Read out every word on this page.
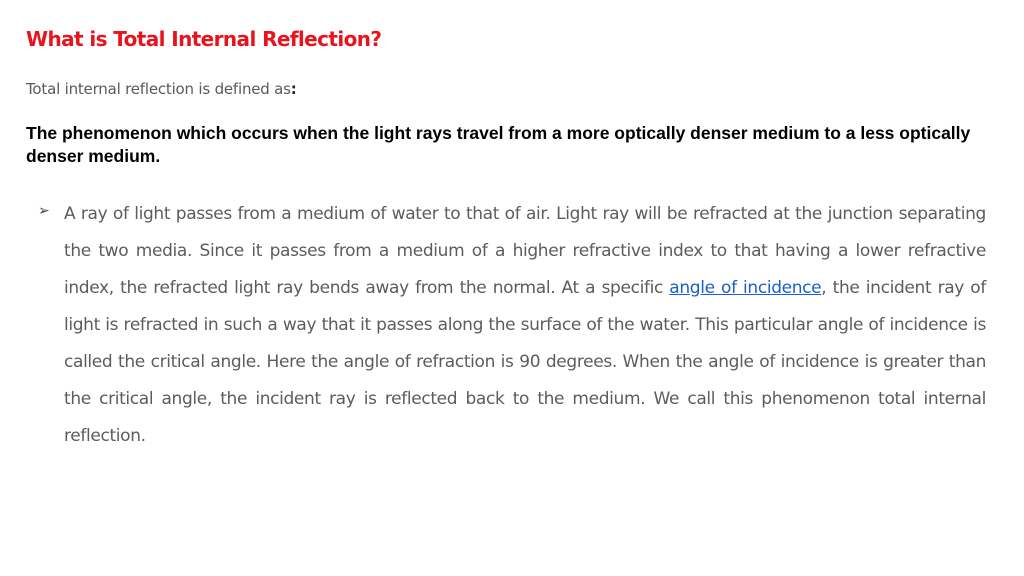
What is Total Internal Reflection?

Total internal reflection is defined as:

The phenomenon which occurs when the light rays travel from a more optically denser medium to a less optically denser medium.

➢ A ray of light passes from a medium of water to that of air. Light ray will be refracted at the junction separating the two media. Since it passes from a medium of a higher refractive index to that having a lower refractive index, the refracted light ray bends away from the normal. At a specific angle of incidence, the incident ray of light is refracted in such a way that it passes along the surface of the water. This particular angle of incidence is called the critical angle. Here the angle of refraction is 90 degrees. When the angle of incidence is greater than the critical angle, the incident ray is reflected back to the medium. We call this phenomenon total internal reflection.
